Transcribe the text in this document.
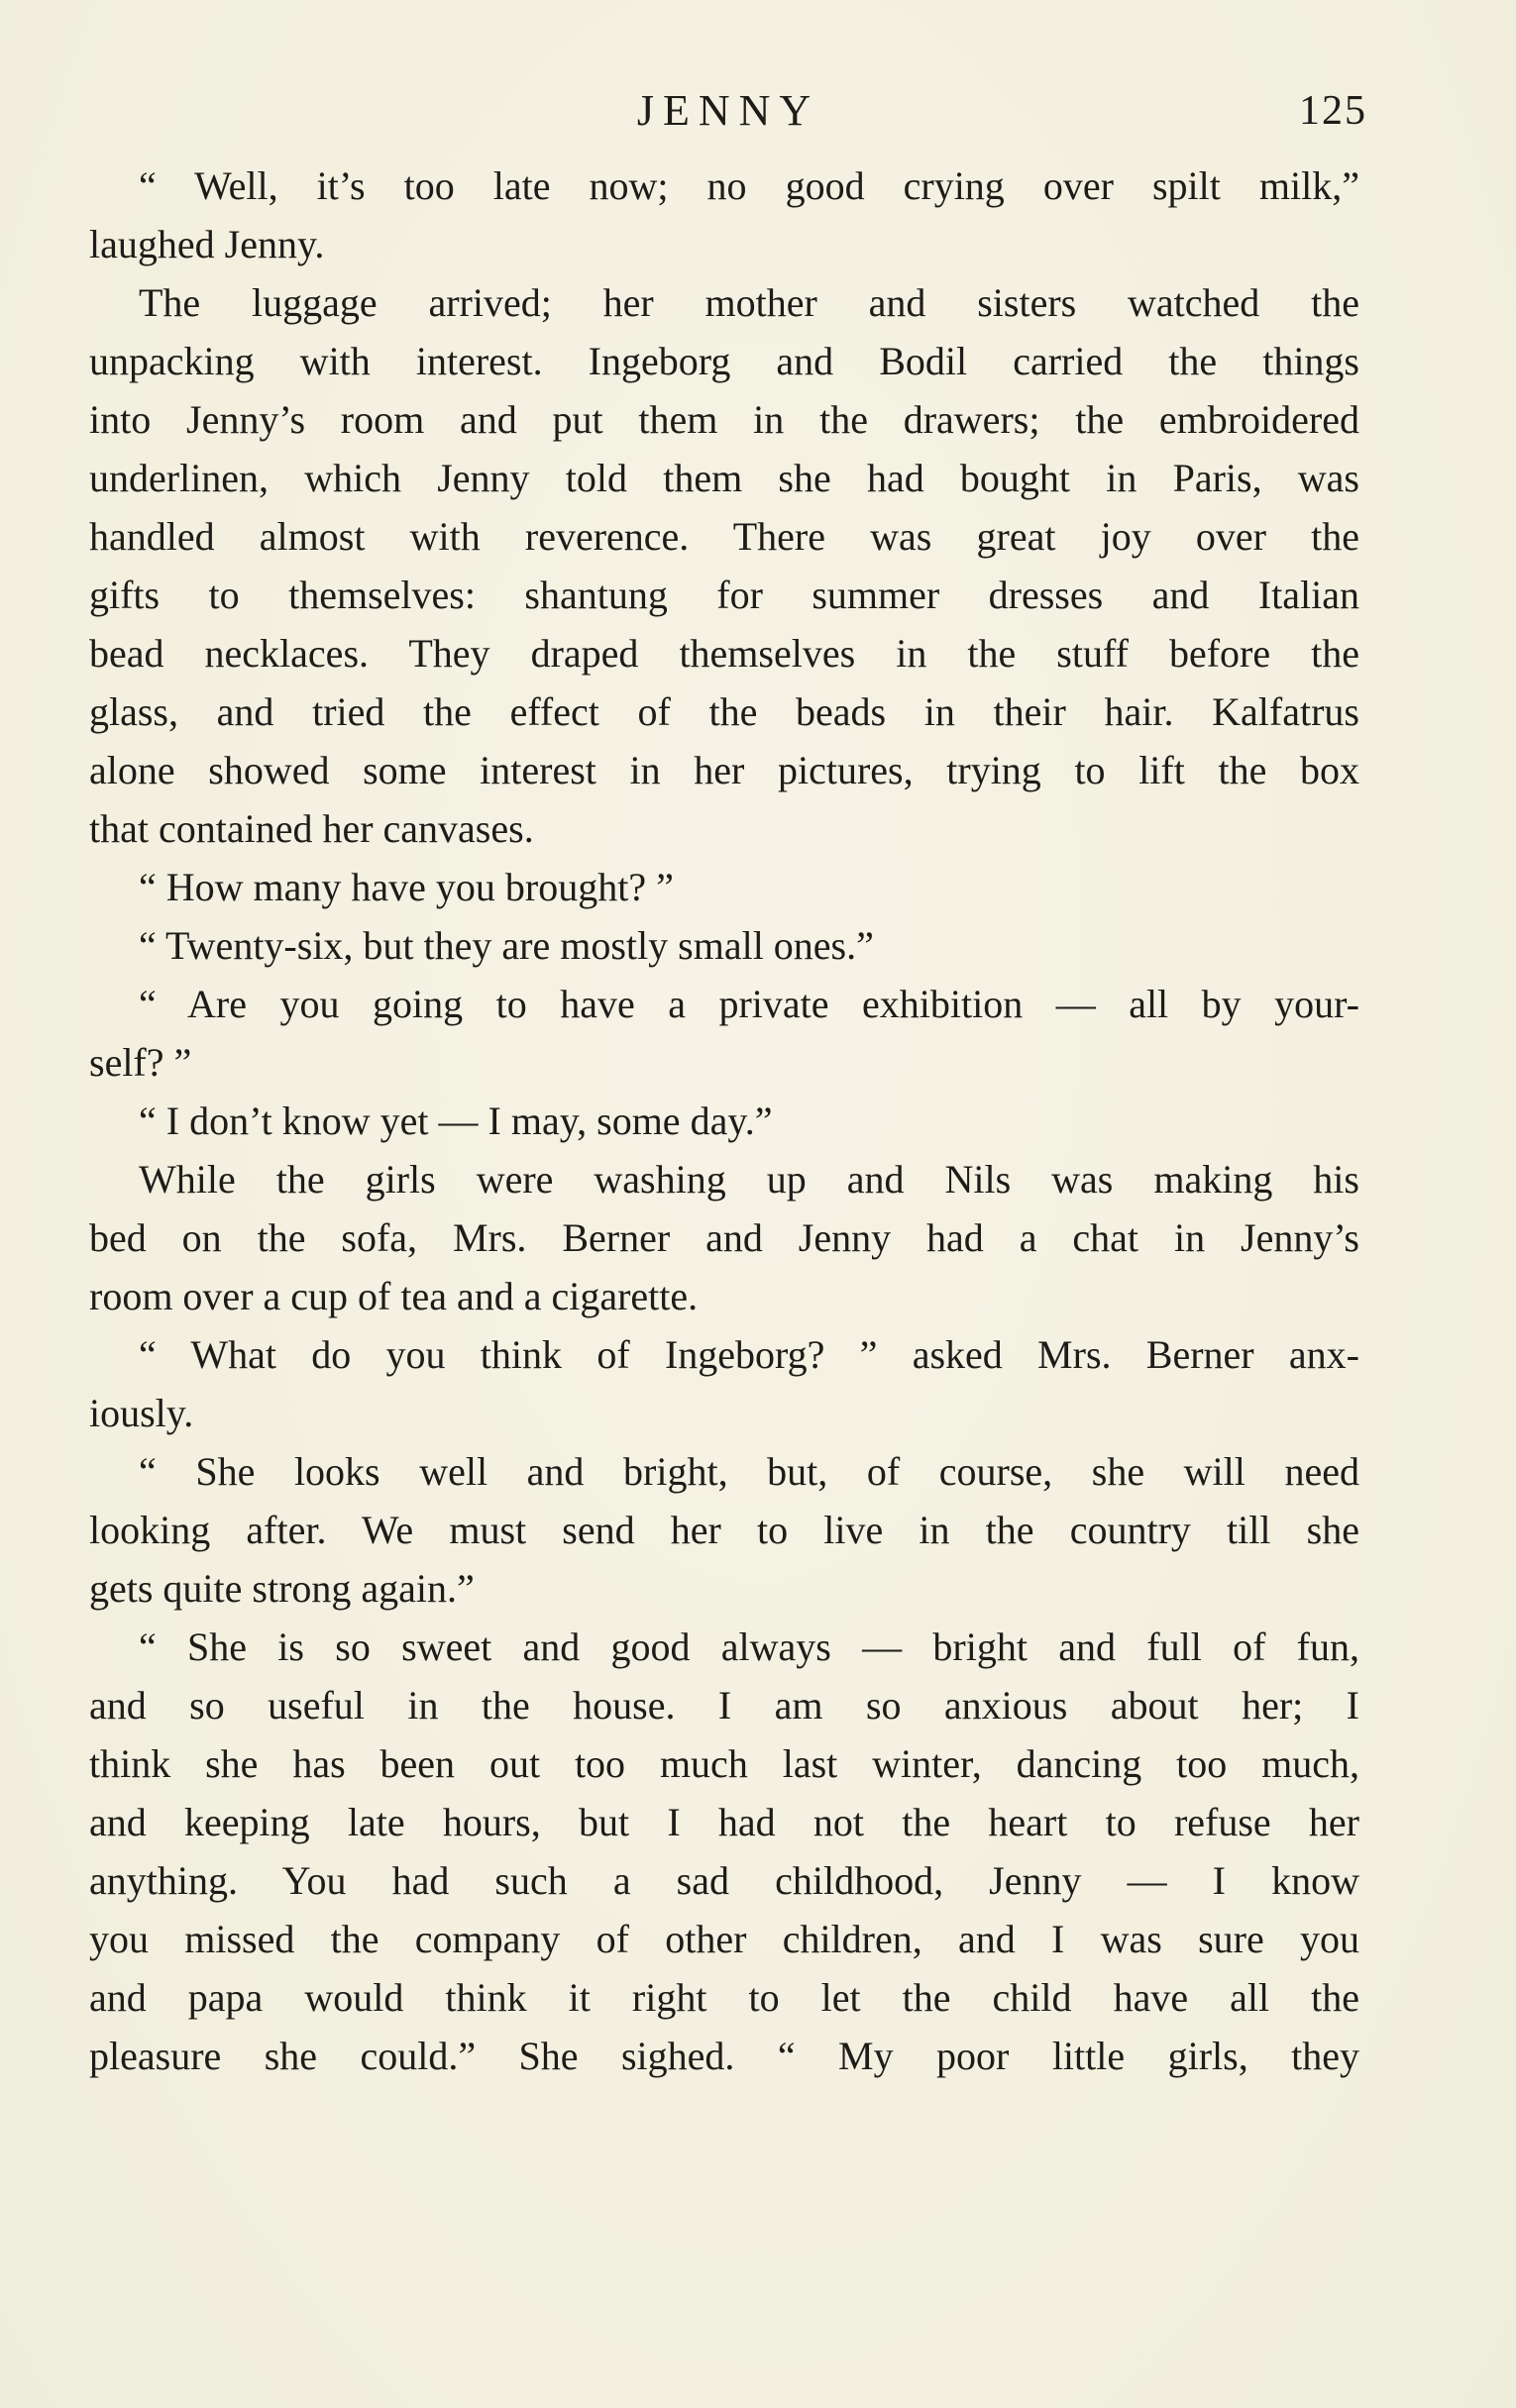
JENNY	125
“ Well, it’s too late now; no good crying over spilt milk,”
laughed Jenny.
The luggage arrived; her mother and sisters watched the
unpacking with interest. Ingeborg and Bodil carried the things
into Jenny’s room and put them in the drawers; the embroidered
underlinen, which Jenny told them she had bought in Paris, was
handled almost with reverence. There was great joy over the
gifts to themselves: shantung for summer dresses and Italian
bead necklaces. They draped themselves in the stuff before the
glass, and tried the effect of the beads in their hair. Kalfatrus
alone showed some interest in her pictures, trying to lift the box
that contained her canvases.
“ How many have you brought? ”
“ Twenty-six, but they are mostly small ones.”
“ Are you going to have a private exhibition — all by your-
self? ”
“ I don’t know yet — I may, some day.”
While the girls were washing up and Nils was making his
bed on the sofa, Mrs. Berner and Jenny had a chat in Jenny’s
room over a cup of tea and a cigarette.
“ What do you think of Ingeborg? ” asked Mrs. Berner anx-
iously.
“ She looks well and bright, but, of course, she will need
looking after. We must send her to live in the country till she
gets quite strong again.”
“ She is so sweet and good always — bright and full of fun,
and so useful in the house. I am so anxious about her; I
think she has been out too much last winter, dancing too much,
and keeping late hours, but I had not the heart to refuse her
anything. You had such a sad childhood, Jenny — I know
you missed the company of other children, and I was sure you
and papa would think it right to let the child have all the
pleasure she could.” She sighed. “ My poor little girls, they
